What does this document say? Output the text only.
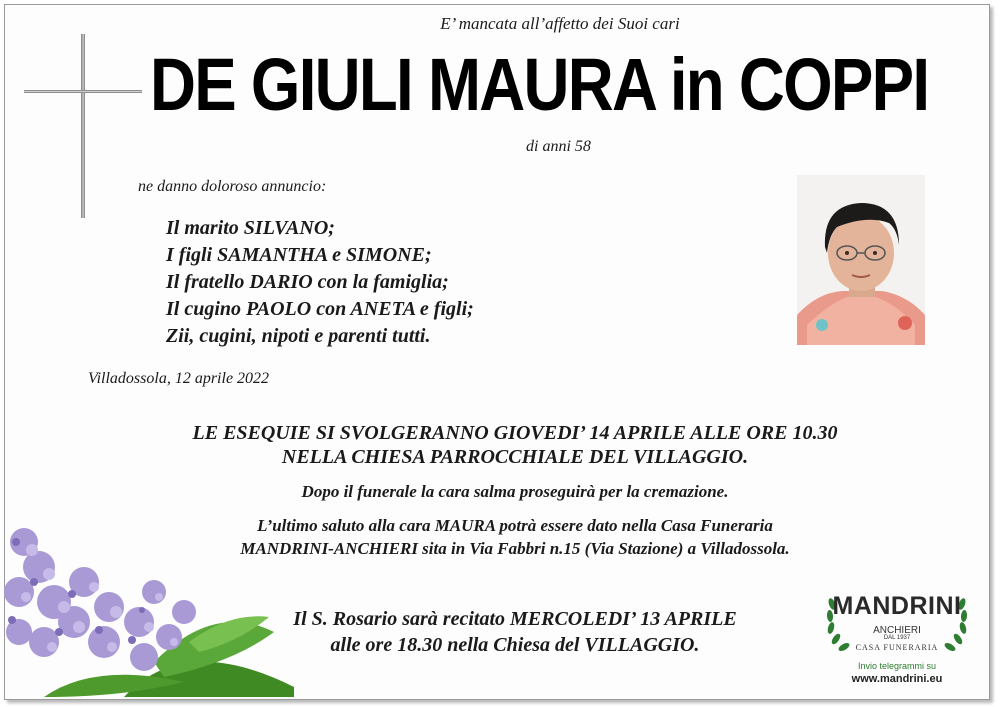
E’ mancata all’affetto dei Suoi cari
DE GIULI MAURA in COPPI
di anni 58
ne danno doloroso annuncio:
Il marito SILVANO;
I figli SAMANTHA e SIMONE;
Il fratello DARIO con la famiglia;
Il cugino PAOLO con ANETA e figli;
Zii, cugini, nipoti e parenti tutti.
Villadossola, 12 aprile 2022
LE ESEQUIE SI SVOLGERANNO GIOVEDI’ 14 APRILE ALLE ORE 10.30
NELLA CHIESA PARROCCHIALE DEL VILLAGGIO.
Dopo il funerale la cara salma proseguirà per la cremazione.
L’ultimo saluto alla cara MAURA potrà essere dato nella Casa Funeraria
MANDRINI-ANCHIERI sita in Via Fabbri n.15 (Via Stazione) a Villadossola.
Il S. Rosario sarà recitato MERCOLEDI’ 13 APRILE
alle ore 18.30 nella Chiesa del VILLAGGIO.
MANDRINI
ANCHIERI
DAL 1937
CASA FUNERARIA
Invio telegrammi su
www.mandrini.eu
